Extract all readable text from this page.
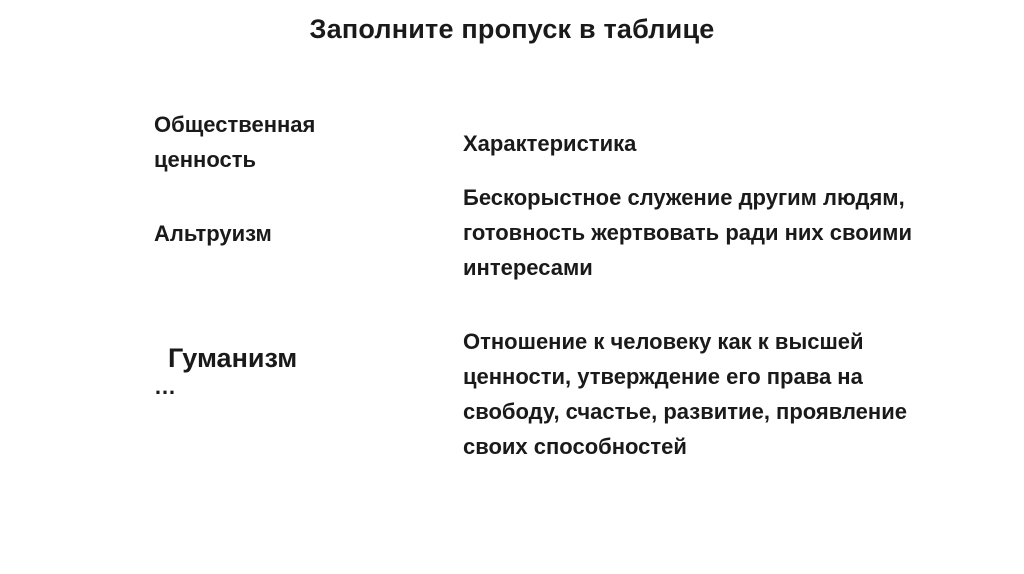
Заполните пропуск в таблице
Общественная ценность
Характеристика
Альтруизм
Бескорыстное служение другим людям, готовность жертвовать ради них своими интересами
Гуманизм
…
Отношение к человеку как к высшей ценности, утверждение его права на свободу, счастье, развитие, проявление своих способностей
